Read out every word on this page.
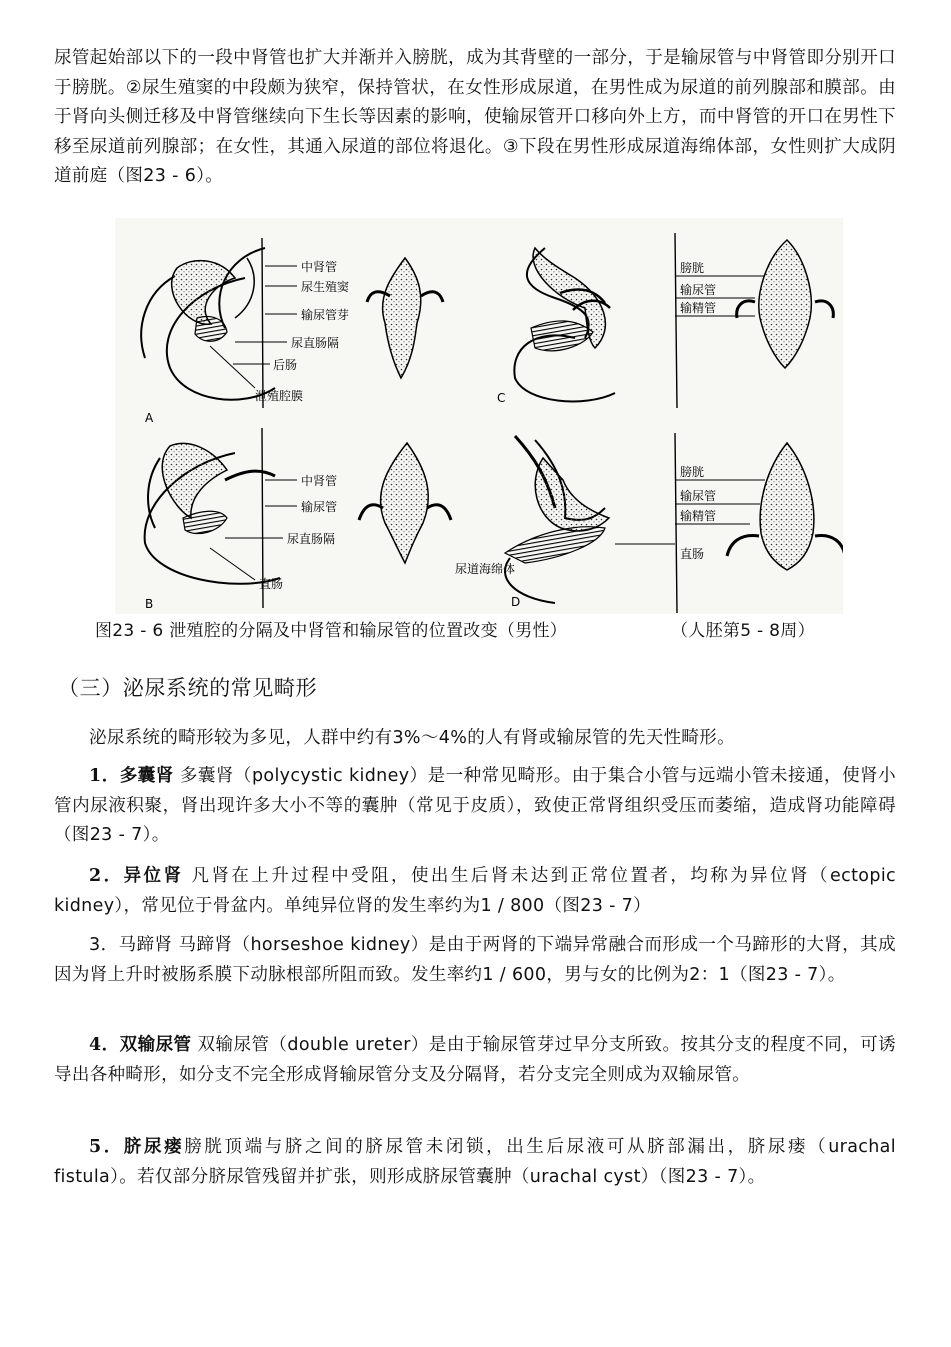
尿管起始部以下的一段中肾管也扩大并渐并入膀胱，成为其背壁的一部分，于是输尿管与中肾管即分别开口于膀胱。②尿生殖窦的中段颇为狭窄，保持管状，在女性形成尿道，在男性成为尿道的前列腺部和膜部。由于肾向头侧迁移及中肾管继续向下生长等因素的影响，使输尿管开口移向外上方，而中肾管的开口在男性下移至尿道前列腺部；在女性，其通入尿道的部位将退化。③下段在男性形成尿道海绵体部，女性则扩大成阴道前庭（图23 - 6）。

中肾管
尿生殖窦
输尿管芽
尿直肠隔
后肠
泄殖腔膜
A
中肾管
输尿管
尿直肠隔
直肠
B
膀胱
输尿管
输精管
C
膀胱
输尿管
输精管
直肠
尿道海绵体
D
图23 - 6 泄殖腔的分隔及中肾管和输尿管的位置改变（男性）	（人胚第5 - 8周）
（三）泌尿系统的常见畸形

泌尿系统的畸形较为多见，人群中约有3%～4%的人有肾或输尿管的先天性畸形。

1．多囊肾 多囊肾（polycystic kidney）是一种常见畸形。由于集合小管与远端小管未接通，使肾小管内尿液积聚，肾出现许多大小不等的囊肿（常见于皮质），致使正常肾组织受压而萎缩，造成肾功能障碍（图23 - 7）。

2．异位肾 凡肾在上升过程中受阻，使出生后肾未达到正常位置者，均称为异位肾（ectopic kidney），常见位于骨盆内。单纯异位肾的发生率约为1 / 800（图23 - 7）

3．马蹄肾 马蹄肾（horseshoe kidney）是由于两肾的下端异常融合而形成一个马蹄形的大肾，其成因为肾上升时被肠系膜下动脉根部所阻而致。发生率约1 / 600，男与女的比例为2：1（图23 - 7）。

4．双输尿管 双输尿管（double ureter）是由于输尿管芽过早分支所致。按其分支的程度不同，可诱导出各种畸形，如分支不完全形成肾输尿管分支及分隔肾，若分支完全则成为双输尿管。

5．脐尿瘘膀胱顶端与脐之间的脐尿管未闭锁，出生后尿液可从脐部漏出，脐尿瘘（urachal fistula）。若仅部分脐尿管残留并扩张，则形成脐尿管囊肿（urachal cyst）（图23 - 7）。
